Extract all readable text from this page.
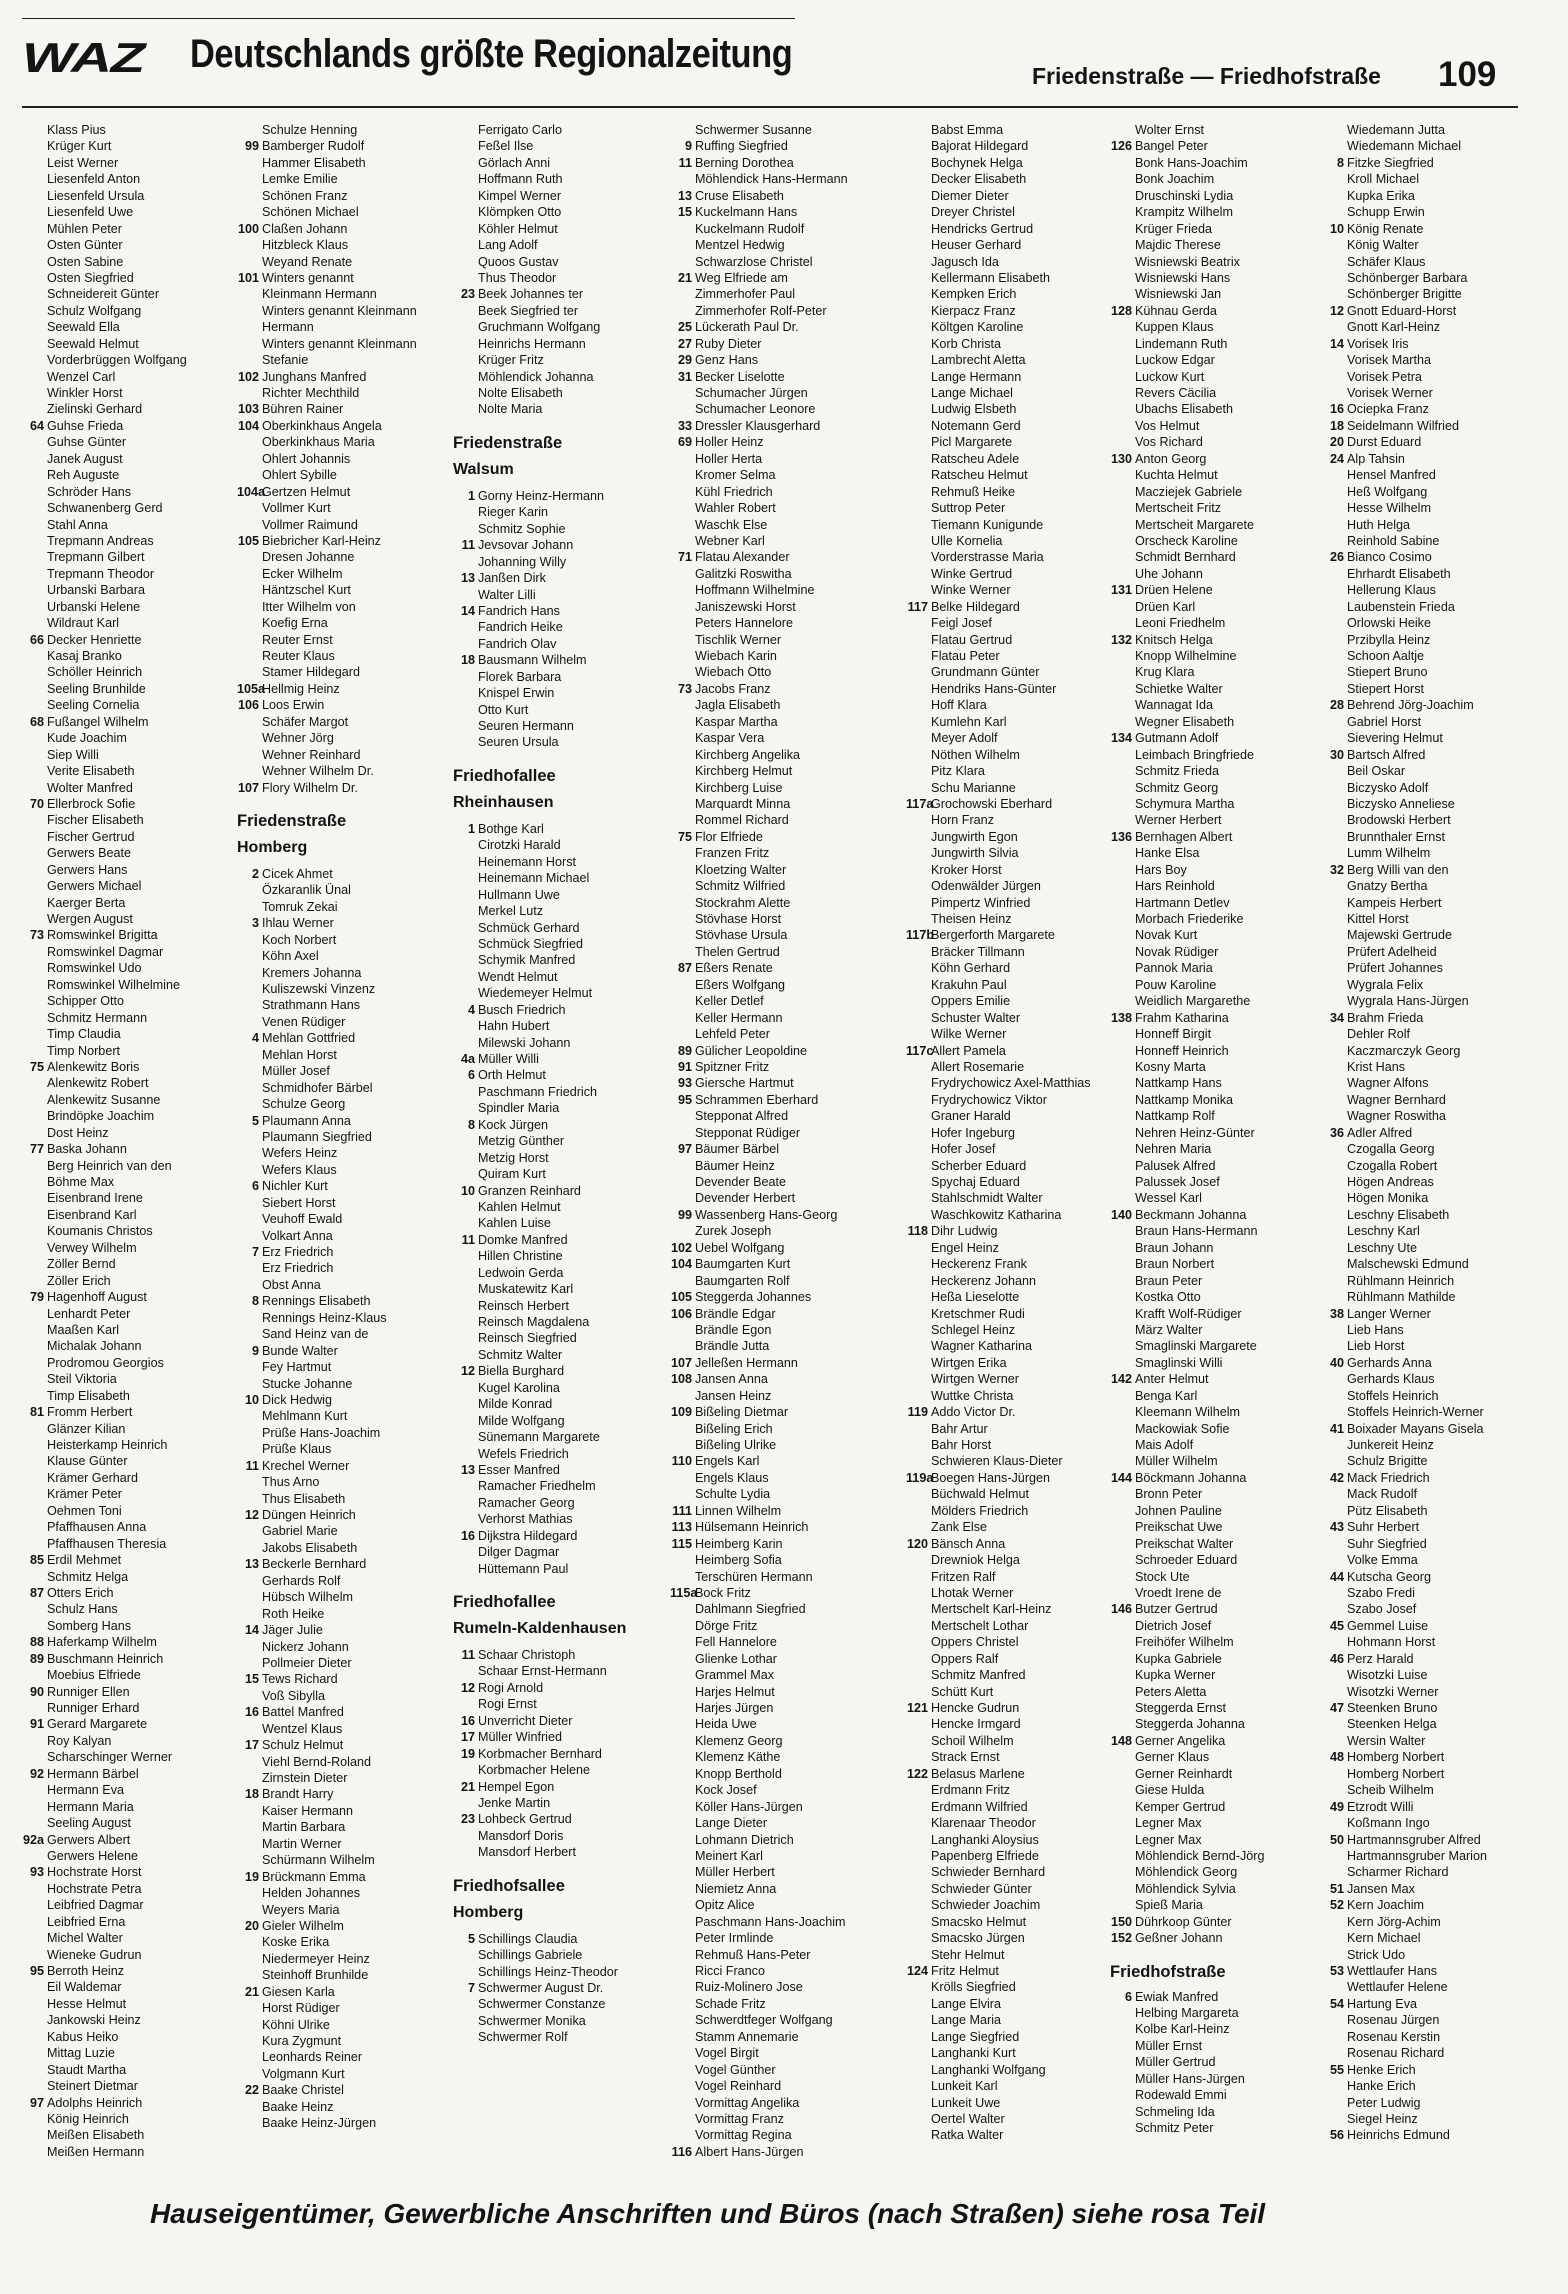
WAZ Deutschlands größte Regionalzeitung	Friedenstraße — Friedhofstraße 109
Klass Pius
Krüger Kurt
Leist Werner
Liesenfeld Anton
Liesenfeld Ursula
Liesenfeld Uwe
Mühlen Peter
Osten Günter
Osten Sabine
Osten Siegfried
Schneidereit Günter
Schulz Wolfgang
Seewald Ella
Seewald Helmut
Vorderbrüggen Wolfgang
Wenzel Carl
Winkler Horst
Zielinski Gerhard
64 Guhse Frieda
Guhse Günter
Janek August
Reh Auguste
Schröder Hans
Schwanenberg Gerd
Stahl Anna
Trepmann Andreas
Trepmann Gilbert
Trepmann Theodor
Urbanski Barbara
Urbanski Helene
Wildraut Karl
66 Decker Henriette
Kasaj Branko
Schöller Heinrich
Seeling Brunhilde
Seeling Cornelia
68 Fußangel Wilhelm
Kude Joachim
Siep Willi
Verite Elisabeth
Wolter Manfred
70 Ellerbrock Sofie
Fischer Elisabeth
Fischer Gertrud
Gerwers Beate
Gerwers Hans
Gerwers Michael
Kaerger Berta
Wergen August
73 Romswinkel Brigitta
Romswinkel Dagmar
Romswinkel Udo
Romswinkel Wilhelmine
Schipper Otto
Schmitz Hermann
Timp Claudia
Timp Norbert
75 Alenkewitz Boris
Alenkewitz Robert
Alenkewitz Susanne
Brindöpke Joachim
Dost Heinz
77 Baska Johann
Berg Heinrich van den
Böhme Max
Eisenbrand Irene
Eisenbrand Karl
Koumanis Christos
Verwey Wilhelm
Zöller Bernd
Zöller Erich
79 Hagenhoff August
Lenhardt Peter
Maaßen Karl
Michalak Johann
Prodromou Georgios
Steil Viktoria
Timp Elisabeth
81 Fromm Herbert
Glänzer Kilian
Heisterkamp Heinrich
Klause Günter
Krämer Gerhard
Krämer Peter
Oehmen Toni
Pfaffhausen Anna
Pfaffhausen Theresia
85 Erdil Mehmet
Schmitz Helga
87 Otters Erich
Schulz Hans
Somberg Hans
88 Haferkamp Wilhelm
89 Buschmann Heinrich
Moebius Elfriede
90 Runniger Ellen
Runniger Erhard
91 Gerard Margarete
Roy Kalyan
Scharschinger Werner
92 Hermann Bärbel
Hermann Eva
Hermann Maria
Seeling August
92a Gerwers Albert
Gerwers Helene
93 Hochstrate Horst
Hochstrate Petra
Leibfried Dagmar
Leibfried Erna
Michel Walter
Wieneke Gudrun
95 Berroth Heinz
Eil Waldemar
Hesse Helmut
Jankowski Heinz
Kabus Heiko
Mittag Luzie
Staudt Martha
Steinert Dietmar
97 Adolphs Heinrich
König Heinrich
Meißen Elisabeth
Meißen Hermann
Schulze Henning
99 Bamberger Rudolf
Hammer Elisabeth
Lemke Emilie
Schönen Franz
Schönen Michael
100 Claßen Johann
Hitzbleck Klaus
Weyand Renate
101 Winters genannt
Kleinmann Hermann
Winters genannt Kleinmann
Hermann
Winters genannt Kleinmann
Stefanie
102 Junghans Manfred
Richter Mechthild
103 Bühren Rainer
104 Oberkinkhaus Angela
Oberkinkhaus Maria
Ohlert Johannis
Ohlert Sybille
104aGertzen Helmut
Vollmer Kurt
Vollmer Raimund
105 Biebricher Karl-Heinz
Dresen Johanne
Ecker Wilhelm
Häntzschel Kurt
Itter Wilhelm von
Koefig Erna
Reuter Ernst
Reuter Klaus
Stamer Hildegard
105aHellmig Heinz
106 Loos Erwin
Schäfer Margot
Wehner Jörg
Wehner Reinhard
Wehner Wilhelm Dr.
107 Flory Wilhelm Dr.
Friedenstraße
Homberg
2 Cicek Ahmet
Özkaranlik Ünal
Tomruk Zekai
3 Ihlau Werner
Koch Norbert
Köhn Axel
Kremers Johanna
Kuliszewski Vinzenz
Strathmann Hans
Venen Rüdiger
4 Mehlan Gottfried
Mehlan Horst
Müller Josef
Schmidhofer Bärbel
Schulze Georg
5 Plaumann Anna
Plaumann Siegfried
Wefers Heinz
Wefers Klaus
6 Nichler Kurt
Siebert Horst
Veuhoff Ewald
Volkart Anna
7 Erz Friedrich
Erz Friedrich
Obst Anna
8 Rennings Elisabeth
Rennings Heinz-Klaus
Sand Heinz van de
9 Bunde Walter
Fey Hartmut
Stucke Johanne
10 Dick Hedwig
Mehlmann Kurt
Prüße Hans-Joachim
Prüße Klaus
11 Krechel Werner
Thus Arno
Thus Elisabeth
12 Düngen Heinrich
Gabriel Marie
Jakobs Elisabeth
13 Beckerle Bernhard
Gerhards Rolf
Hübsch Wilhelm
Roth Heike
14 Jäger Julie
Nickerz Johann
Pollmeier Dieter
15 Tews Richard
Voß Sibylla
16 Battel Manfred
Wentzel Klaus
17 Schulz Helmut
Viehl Bernd-Roland
Zirnstein Dieter
18 Brandt Harry
Kaiser Hermann
Martin Barbara
Martin Werner
Schürmann Wilhelm
19 Brückmann Emma
Helden Johannes
Weyers Maria
20 Gieler Wilhelm
Koske Erika
Niedermeyer Heinz
Steinhoff Brunhilde
21 Giesen Karla
Horst Rüdiger
Köhni Ulrike
Kura Zygmunt
Leonhards Reiner
Volgmann Kurt
22 Baake Christel
Baake Heinz
Baake Heinz-Jürgen
Ferrigato Carlo
Feßel Ilse
Görlach Anni
Hoffmann Ruth
Kimpel Werner
Klömpken Otto
Köhler Helmut
Lang Adolf
Quoos Gustav
Thus Theodor
23 Beek Johannes ter
Beek Siegfried ter
Gruchmann Wolfgang
Heinrichs Hermann
Krüger Fritz
Möhlendick Johanna
Nolte Elisabeth
Nolte Maria
Friedenstraße
Walsum
1 Gorny Heinz-Hermann
Rieger Karin
Schmitz Sophie
11 Jevsovar Johann
Johanning Willy
13 Janßen Dirk
Walter Lilli
14 Fandrich Hans
Fandrich Heike
Fandrich Olav
18 Bausmann Wilhelm
Florek Barbara
Knispel Erwin
Otto Kurt
Seuren Hermann
Seuren Ursula
Friedhofallee
Rheinhausen
1 Bothge Karl
Cirotzki Harald
Heinemann Horst
Heinemann Michael
Hullmann Uwe
Merkel Lutz
Schmück Gerhard
Schmück Siegfried
Schymik Manfred
Wendt Helmut
Wiedemeyer Helmut
4 Busch Friedrich
Hahn Hubert
Milewski Johann
4a Müller Willi
6 Orth Helmut
Paschmann Friedrich
Spindler Maria
8 Kock Jürgen
Metzig Günther
Metzig Horst
Quiram Kurt
10 Granzen Reinhard
Kahlen Helmut
Kahlen Luise
11 Domke Manfred
Hillen Christine
Ledwoin Gerda
Muskatewitz Karl
Reinsch Herbert
Reinsch Magdalena
Reinsch Siegfried
Schmitz Walter
12 Biella Burghard
Kugel Karolina
Milde Konrad
Milde Wolfgang
Sünemann Margarete
Wefels Friedrich
13 Esser Manfred
Ramacher Friedhelm
Ramacher Georg
Verhorst Mathias
16 Dijkstra Hildegard
Dilger Dagmar
Hüttemann Paul
Friedhofallee
Rumeln-Kaldenhausen
11 Schaar Christoph
Schaar Ernst-Hermann
12 Rogi Arnold
Rogi Ernst
16 Unverricht Dieter
17 Müller Winfried
19 Korbmacher Bernhard
Korbmacher Helene
21 Hempel Egon
Jenke Martin
23 Lohbeck Gertrud
Mansdorf Doris
Mansdorf Herbert
Friedhofsallee
Homberg
5 Schillings Claudia
Schillings Gabriele
Schillings Heinz-Theodor
7 Schwermer August Dr.
Schwermer Constanze
Schwermer Monika
Schwermer Rolf
Schwermer Susanne
9 Ruffing Siegfried
11 Berning Dorothea
Möhlendick Hans-Hermann
13 Cruse Elisabeth
15 Kuckelmann Hans
Kuckelmann Rudolf
Mentzel Hedwig
Schwarzlose Christel
21 Weg Elfriede am
Zimmerhofer Paul
Zimmerhofer Rolf-Peter
25 Lückerath Paul Dr.
27 Ruby Dieter
29 Genz Hans
31 Becker Liselotte
Schumacher Jürgen
Schumacher Leonore
33 Dressler Klausgerhard
69 Holler Heinz
Holler Herta
Kromer Selma
Kühl Friedrich
Wahler Robert
Waschk Else
Webner Karl
71 Flatau Alexander
Galitzki Roswitha
Hoffmann Wilhelmine
Janiszewski Horst
Peters Hannelore
Tischlik Werner
Wiebach Karin
Wiebach Otto
73 Jacobs Franz
Jagla Elisabeth
Kaspar Martha
Kaspar Vera
Kirchberg Angelika
Kirchberg Helmut
Kirchberg Luise
Marquardt Minna
Rommel Richard
75 Flor Elfriede
Franzen Fritz
Kloetzing Walter
Schmitz Wilfried
Stockrahm Alette
Stövhase Horst
Stövhase Ursula
Thelen Gertrud
87 Eßers Renate
Eßers Wolfgang
Keller Detlef
Keller Hermann
Lehfeld Peter
89 Gülicher Leopoldine
91 Spitzner Fritz
93 Giersche Hartmut
95 Schrammen Eberhard
Stepponat Alfred
Stepponat Rüdiger
97 Bäumer Bärbel
Bäumer Heinz
Devender Beate
Devender Herbert
99 Wassenberg Hans-Georg
Zurek Joseph
102 Uebel Wolfgang
104 Baumgarten Kurt
Baumgarten Rolf
105 Steggerda Johannes
106 Brändle Edgar
Brändle Egon
Brändle Jutta
107 Jelleßen Hermann
108 Jansen Anna
Jansen Heinz
109 Bißeling Dietmar
Bißeling Erich
Bißeling Ulrike
110 Engels Karl
Engels Klaus
Schulte Lydia
111 Linnen Wilhelm
113 Hülsemann Heinrich
115 Heimberg Karin
Heimberg Sofia
Terschüren Hermann
115aBock Fritz
Dahlmann Siegfried
Dörge Fritz
Fell Hannelore
Glienke Lothar
Grammel Max
Harjes Helmut
Harjes Jürgen
Heida Uwe
Klemenz Georg
Klemenz Käthe
Knopp Berthold
Kock Josef
Köller Hans-Jürgen
Lange Dieter
Lohmann Dietrich
Meinert Karl
Müller Herbert
Niemietz Anna
Opitz Alice
Paschmann Hans-Joachim
Peter Irmlinde
Rehmuß Hans-Peter
Ricci Franco
Ruiz-Molinero Jose
Schade Fritz
Schwerdtfeger Wolfgang
Stamm Annemarie
Vogel Birgit
Vogel Günther
Vogel Reinhard
Vormittag Angelika
Vormittag Franz
Vormittag Regina
116 Albert Hans-Jürgen
Babst Emma
Bajorat Hildegard
Bochynek Helga
Decker Elisabeth
Diemer Dieter
Dreyer Christel
Hendricks Gertrud
Heuser Gerhard
Jagusch Ida
Kellermann Elisabeth
Kempken Erich
Kierpacz Franz
Költgen Karoline
Korb Christa
Lambrecht Aletta
Lange Hermann
Lange Michael
Ludwig Elsbeth
Notemann Gerd
Picl Margarete
Ratscheu Adele
Ratscheu Helmut
Rehmuß Heike
Suttrop Peter
Tiemann Kunigunde
Ulle Kornelia
Vorderstrasse Maria
Winke Gertrud
Winke Werner
117 Belke Hildegard
Feigl Josef
Flatau Gertrud
Flatau Peter
Grundmann Günter
Hendriks Hans-Günter
Hoff Klara
Kumlehn Karl
Meyer Adolf
Nöthen Wilhelm
Pitz Klara
Schu Marianne
117aGrochowski Eberhard
Horn Franz
Jungwirth Egon
Jungwirth Silvia
Kroker Horst
Odenwälder Jürgen
Pimpertz Winfried
Theisen Heinz
117bBergerforth Margarete
Bräcker Tillmann
Köhn Gerhard
Krakuhn Paul
Oppers Emilie
Schuster Walter
Wilke Werner
117cAllert Pamela
Allert Rosemarie
Frydrychowicz Axel-Matthias
Frydrychowicz Viktor
Graner Harald
Hofer Ingeburg
Hofer Josef
Scherber Eduard
Spychaj Eduard
Stahlschmidt Walter
Waschkowitz Katharina
118 Dihr Ludwig
Engel Heinz
Heckerenz Frank
Heckerenz Johann
Heßa Lieselotte
Kretschmer Rudi
Schlegel Heinz
Wagner Katharina
Wirtgen Erika
Wirtgen Werner
Wuttke Christa
119 Addo Victor Dr.
Bahr Artur
Bahr Horst
Schwieren Klaus-Dieter
119aBoegen Hans-Jürgen
Büchwald Helmut
Mölders Friedrich
Zank Else
120 Bänsch Anna
Drewniok Helga
Fritzen Ralf
Lhotak Werner
Mertschelt Karl-Heinz
Mertschelt Lothar
Oppers Christel
Oppers Ralf
Schmitz Manfred
Schütt Kurt
121 Hencke Gudrun
Hencke Irmgard
Schoil Wilhelm
Strack Ernst
122 Belasus Marlene
Erdmann Fritz
Erdmann Wilfried
Klarenaar Theodor
Langhanki Aloysius
Papenberg Elfriede
Schwieder Bernhard
Schwieder Günter
Schwieder Joachim
Smacsko Helmut
Smacsko Jürgen
Stehr Helmut
124 Fritz Helmut
Krölls Siegfried
Lange Elvira
Lange Maria
Lange Siegfried
Langhanki Kurt
Langhanki Wolfgang
Lunkeit Karl
Lunkeit Uwe
Oertel Walter
Ratka Walter
Wolter Ernst
126 Bangel Peter
Bonk Hans-Joachim
Bonk Joachim
Druschinski Lydia
Krampitz Wilhelm
Krüger Frieda
Majdic Therese
Wisniewski Beatrix
Wisniewski Hans
Wisniewski Jan
128 Kühnau Gerda
Kuppen Klaus
Lindemann Ruth
Luckow Edgar
Luckow Kurt
Revers Cäcilia
Ubachs Elisabeth
Vos Helmut
Vos Richard
130 Anton Georg
Kuchta Helmut
Macziejek Gabriele
Mertscheit Fritz
Mertscheit Margarete
Orscheck Karoline
Schmidt Bernhard
Uhe Johann
131 Drüen Helene
Drüen Karl
Leoni Friedhelm
132 Knitsch Helga
Knopp Wilhelmine
Krug Klara
Schietke Walter
Wannagat Ida
Wegner Elisabeth
134 Gutmann Adolf
Leimbach Bringfriede
Schmitz Frieda
Schmitz Georg
Schymura Martha
Werner Herbert
136 Bernhagen Albert
Hanke Elsa
Hars Boy
Hars Reinhold
Hartmann Detlev
Morbach Friederike
Novak Kurt
Novak Rüdiger
Pannok Maria
Pouw Karoline
Weidlich Margarethe
138 Frahm Katharina
Honneff Birgit
Honneff Heinrich
Kosny Marta
Nattkamp Hans
Nattkamp Monika
Nattkamp Rolf
Nehren Heinz-Günter
Nehren Maria
Palusek Alfred
Palussek Josef
Wessel Karl
140 Beckmann Johanna
Braun Hans-Hermann
Braun Johann
Braun Norbert
Braun Peter
Kostka Otto
Krafft Wolf-Rüdiger
März Walter
Smaglinski Margarete
Smaglinski Willi
142 Anter Helmut
Benga Karl
Kleemann Wilhelm
Mackowiak Sofie
Mais Adolf
Müller Wilhelm
144 Böckmann Johanna
Bronn Peter
Johnen Pauline
Preikschat Uwe
Preikschat Walter
Schroeder Eduard
Stock Ute
Vroedt Irene de
146 Butzer Gertrud
Dietrich Josef
Freihöfer Wilhelm
Kupka Gabriele
Kupka Werner
Peters Aletta
Steggerda Ernst
Steggerda Johanna
148 Gerner Angelika
Gerner Klaus
Gerner Reinhardt
Giese Hulda
Kemper Gertrud
Legner Max
Legner Max
Möhlendick Bernd-Jörg
Möhlendick Georg
Möhlendick Sylvia
Spieß Maria
150 Dührkoop Günter
152 Geßner Johann
Friedhofstraße
6 Ewiak Manfred
Helbing Margareta
Kolbe Karl-Heinz
Müller Ernst
Müller Gertrud
Müller Hans-Jürgen
Rodewald Emmi
Schmeling Ida
Schmitz Peter
Wiedemann Jutta
Wiedemann Michael
8 Fitzke Siegfried
Kroll Michael
Kupka Erika
Schupp Erwin
10 König Renate
König Walter
Schäfer Klaus
Schönberger Barbara
Schönberger Brigitte
12 Gnott Eduard-Horst
Gnott Karl-Heinz
14 Vorisek Iris
Vorisek Martha
Vorisek Petra
Vorisek Werner
16 Ociepka Franz
18 Seidelmann Wilfried
20 Durst Eduard
24 Alp Tahsin
Hensel Manfred
Heß Wolfgang
Hesse Wilhelm
Huth Helga
Reinhold Sabine
26 Bianco Cosimo
Ehrhardt Elisabeth
Hellerung Klaus
Laubenstein Frieda
Orlowski Heike
Przibylla Heinz
Schoon Aaltje
Stiepert Bruno
Stiepert Horst
28 Behrend Jörg-Joachim
Gabriel Horst
Sievering Helmut
30 Bartsch Alfred
Beil Oskar
Biczysko Adolf
Biczysko Anneliese
Brodowski Herbert
Brunnthaler Ernst
Lumm Wilhelm
32 Berg Willi van den
Gnatzy Bertha
Kampeis Herbert
Kittel Horst
Majewski Gertrude
Prüfert Adelheid
Prüfert Johannes
Wygrala Felix
Wygrala Hans-Jürgen
34 Brahm Frieda
Dehler Rolf
Kaczmarczyk Georg
Krist Hans
Wagner Alfons
Wagner Bernhard
Wagner Roswitha
36 Adler Alfred
Czogalla Georg
Czogalla Robert
Högen Andreas
Högen Monika
Leschny Elisabeth
Leschny Karl
Leschny Ute
Malschewski Edmund
Rühlmann Heinrich
Rühlmann Mathilde
38 Langer Werner
Lieb Hans
Lieb Horst
40 Gerhards Anna
Gerhards Klaus
Stoffels Heinrich
Stoffels Heinrich-Werner
41 Boixader Mayans Gisela
Junkereit Heinz
Schulz Brigitte
42 Mack Friedrich
Mack Rudolf
Pütz Elisabeth
43 Suhr Herbert
Suhr Siegfried
Volke Emma
44 Kutscha Georg
Szabo Fredi
Szabo Josef
45 Gemmel Luise
Hohmann Horst
46 Perz Harald
Wisotzki Luise
Wisotzki Werner
47 Steenken Bruno
Steenken Helga
Wersin Walter
48 Homberg Norbert
Homberg Norbert
Scheib Wilhelm
49 Etzrodt Willi
Koßmann Ingo
50 Hartmannsgruber Alfred
Hartmannsgruber Marion
Scharmer Richard
51 Jansen Max
52 Kern Joachim
Kern Jörg-Achim
Kern Michael
Strick Udo
53 Wettlaufer Hans
Wettlaufer Helene
54 Hartung Eva
Rosenau Jürgen
Rosenau Kerstin
Rosenau Richard
55 Henke Erich
Hanke Erich
Peter Ludwig
Siegel Heinz
56 Heinrichs Edmund
Hauseigentümer, Gewerbliche Anschriften und Büros (nach Straßen) siehe rosa Teil
